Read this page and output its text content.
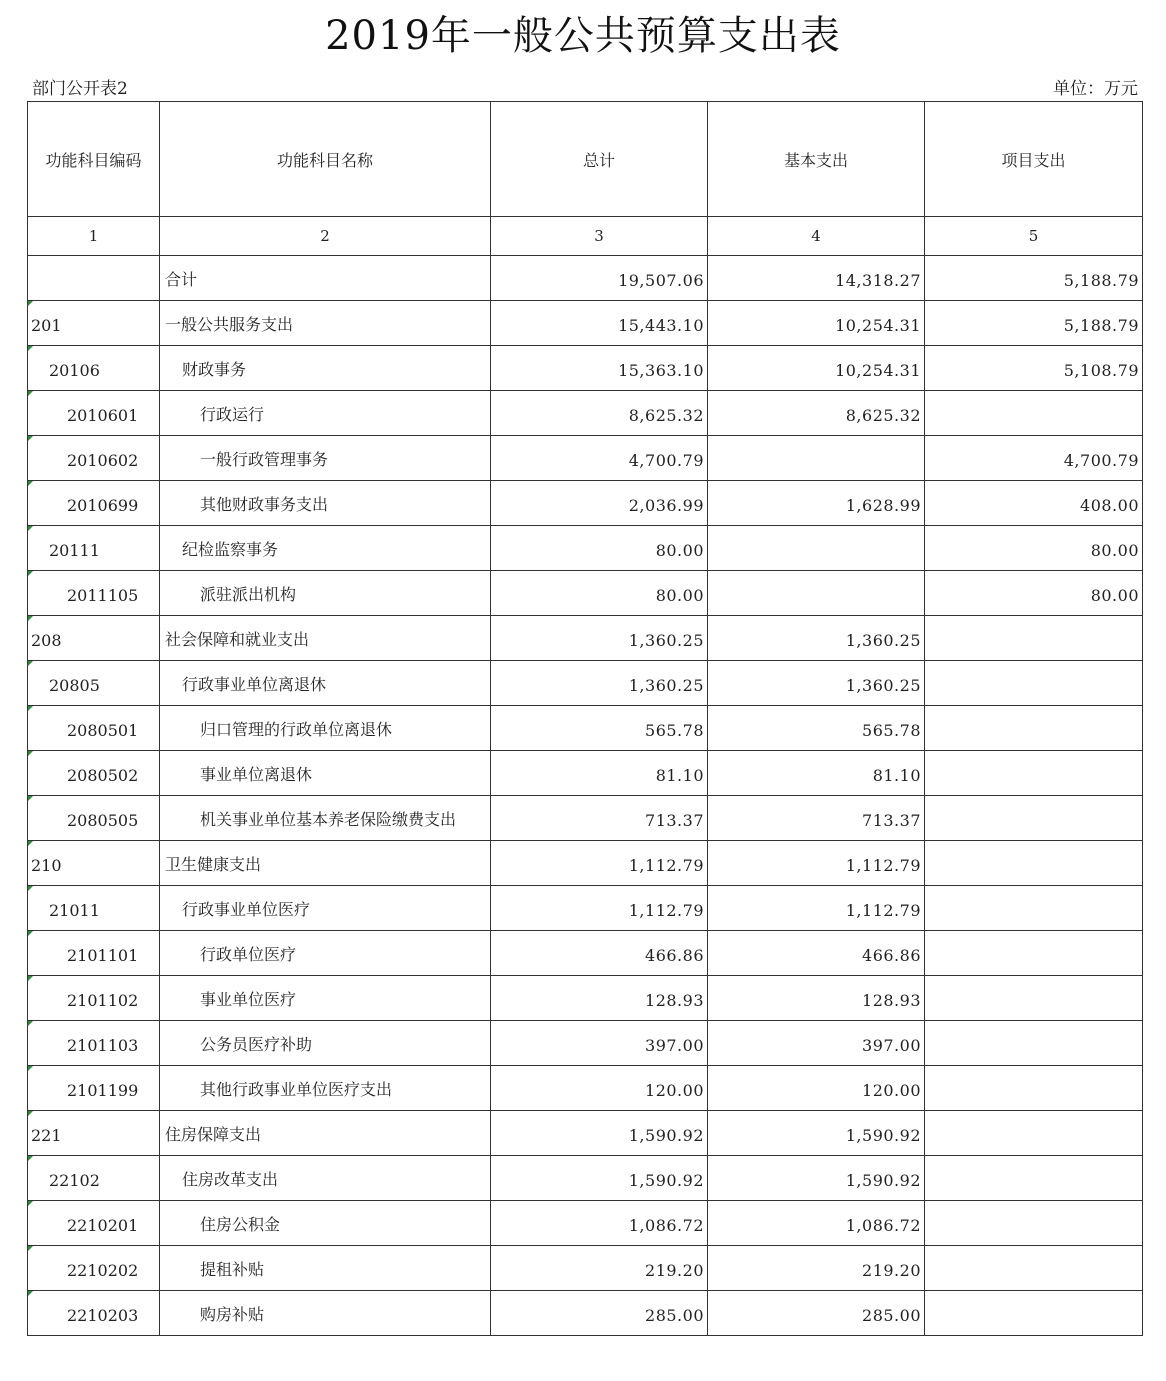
2019年一般公共预算支出表
部门公开表2	单位：万元
功能科目编码	功能科目名称	总计	基本支出	项目支出
1	2	3	4	5
	合计	19,507.06	14,318.27	5,188.79

201	一般公共服务支出	15,443.10	10,254.31	5,188.79

20106	财政事务	15,363.10	10,254.31	5,108.79

2010601	行政运行	8,625.32	8,625.32	

2010602	一般行政管理事务	4,700.79		4,700.79

2010699	其他财政事务支出	2,036.99	1,628.99	408.00

20111	纪检监察事务	80.00		80.00

2011105	派驻派出机构	80.00		80.00

208	社会保障和就业支出	1,360.25	1,360.25	

20805	行政事业单位离退休	1,360.25	1,360.25	

2080501	归口管理的行政单位离退休	565.78	565.78	

2080502	事业单位离退休	81.10	81.10	

2080505	机关事业单位基本养老保险缴费支出	713.37	713.37	

210	卫生健康支出	1,112.79	1,112.79	

21011	行政事业单位医疗	1,112.79	1,112.79	

2101101	行政单位医疗	466.86	466.86	

2101102	事业单位医疗	128.93	128.93	

2101103	公务员医疗补助	397.00	397.00	

2101199	其他行政事业单位医疗支出	120.00	120.00	

221	住房保障支出	1,590.92	1,590.92	

22102	住房改革支出	1,590.92	1,590.92	

2210201	住房公积金	1,086.72	1,086.72	

2210202	提租补贴	219.20	219.20	

2210203	购房补贴	285.00	285.00	
